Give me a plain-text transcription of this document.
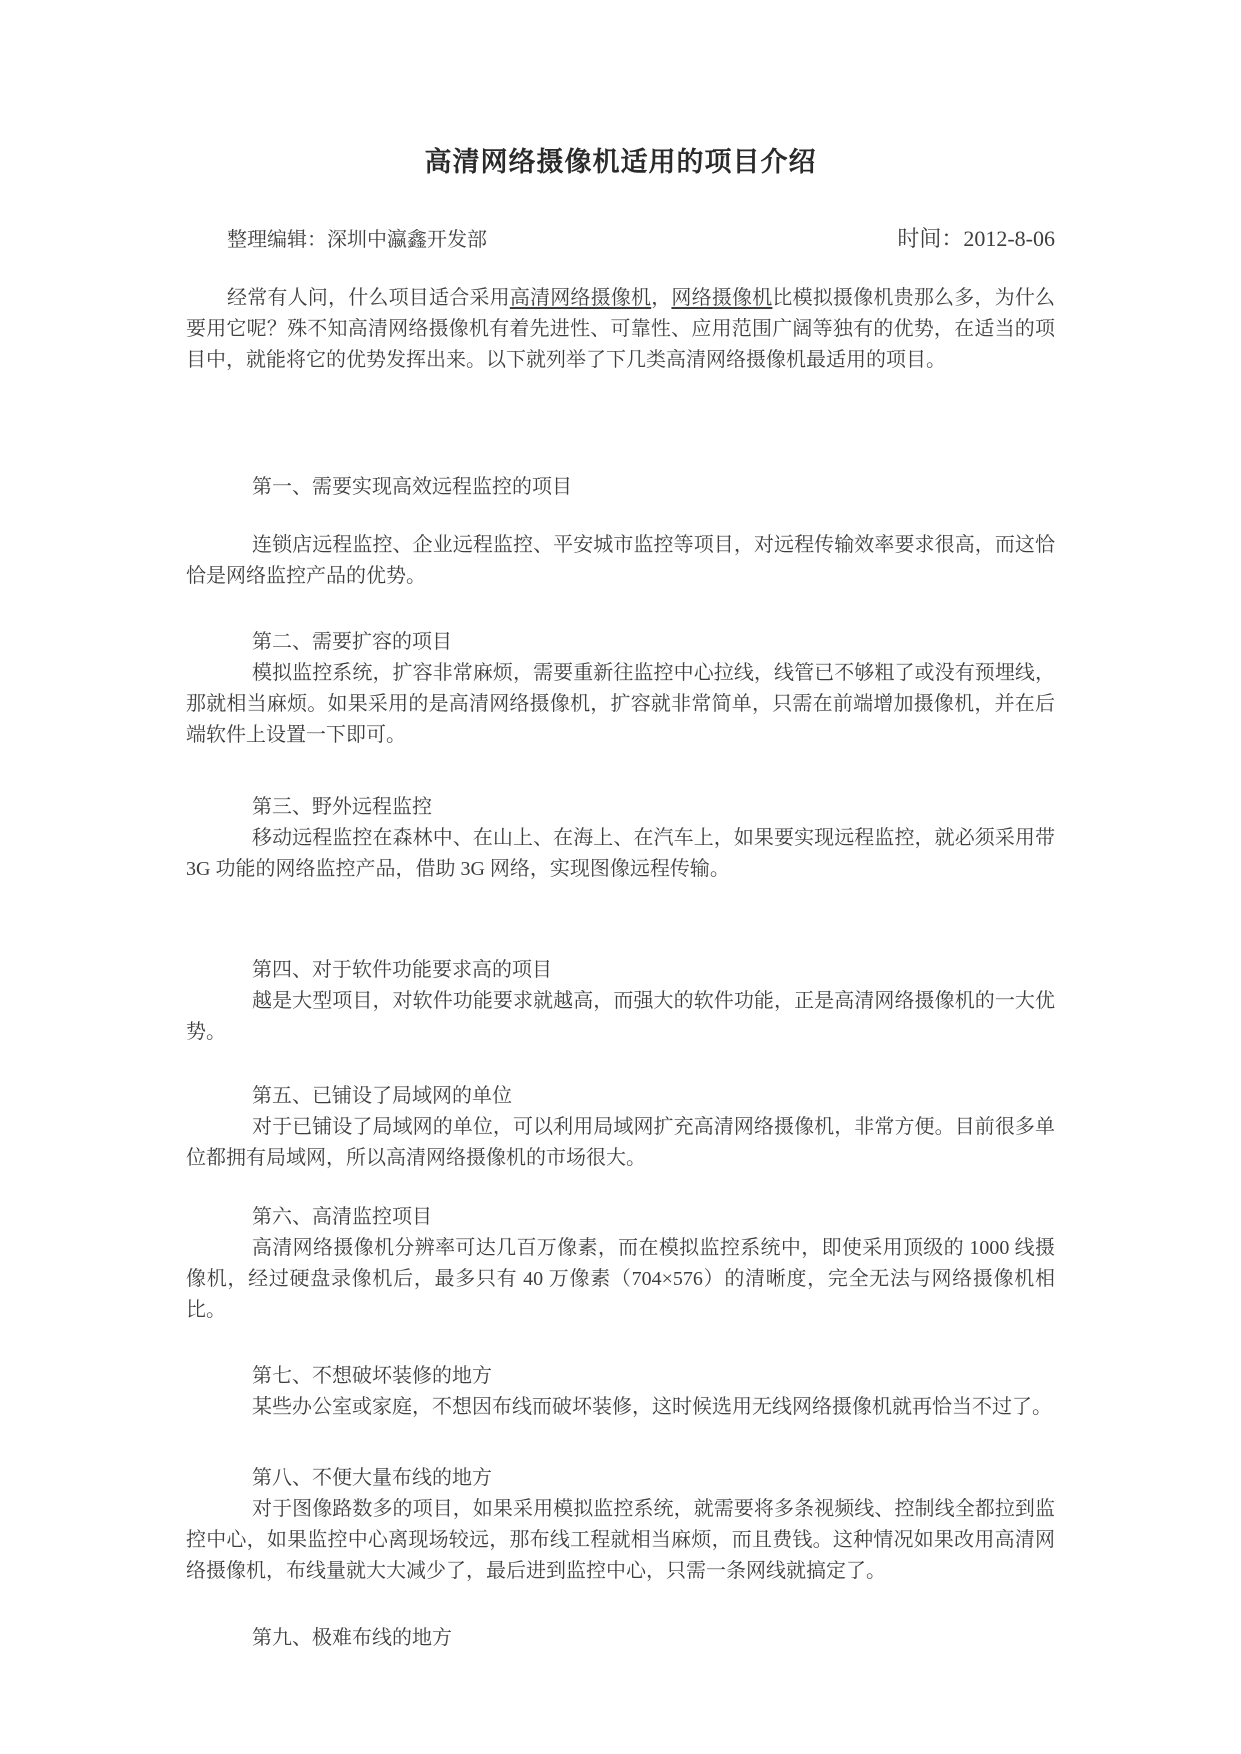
高清网络摄像机适用的项目介绍
整理编辑：深圳中瀛鑫开发部	时间：2012-8-06

经常有人问，什么项目适合采用高清网络摄像机，网络摄像机比模拟摄像机贵那么多，为什么要用它呢？殊不知高清网络摄像机有着先进性、可靠性、应用范围广阔等独有的优势，在适当的项目中，就能将它的优势发挥出来。以下就列举了下几类高清网络摄像机最适用的项目。

第一、需要实现高效远程监控的项目

连锁店远程监控、企业远程监控、平安城市监控等项目，对远程传输效率要求很高，而这恰恰是网络监控产品的优势。

第二、需要扩容的项目

模拟监控系统，扩容非常麻烦，需要重新往监控中心拉线，线管已不够粗了或没有预埋线，那就相当麻烦。如果采用的是高清网络摄像机，扩容就非常简单，只需在前端增加摄像机，并在后端软件上设置一下即可。

第三、野外远程监控

移动远程监控在森林中、在山上、在海上、在汽车上，如果要实现远程监控，就必须采用带 3G 功能的网络监控产品，借助 3G 网络，实现图像远程传输。

第四、对于软件功能要求高的项目

越是大型项目，对软件功能要求就越高，而强大的软件功能，正是高清网络摄像机的一大优势。

第五、已铺设了局域网的单位

对于已铺设了局域网的单位，可以利用局域网扩充高清网络摄像机，非常方便。目前很多单位都拥有局域网，所以高清网络摄像机的市场很大。

第六、高清监控项目

高清网络摄像机分辨率可达几百万像素，而在模拟监控系统中，即使采用顶级的 1000 线摄像机，经过硬盘录像机后，最多只有 40 万像素（704×576）的清晰度，完全无法与网络摄像机相比。

第七、不想破坏装修的地方

某些办公室或家庭，不想因布线而破坏装修，这时候选用无线网络摄像机就再恰当不过了。

第八、不便大量布线的地方

对于图像路数多的项目，如果采用模拟监控系统，就需要将多条视频线、控制线全都拉到监控中心，如果监控中心离现场较远，那布线工程就相当麻烦，而且费钱。这种情况如果改用高清网络摄像机，布线量就大大减少了，最后进到监控中心，只需一条网线就搞定了。

第九、极难布线的地方
